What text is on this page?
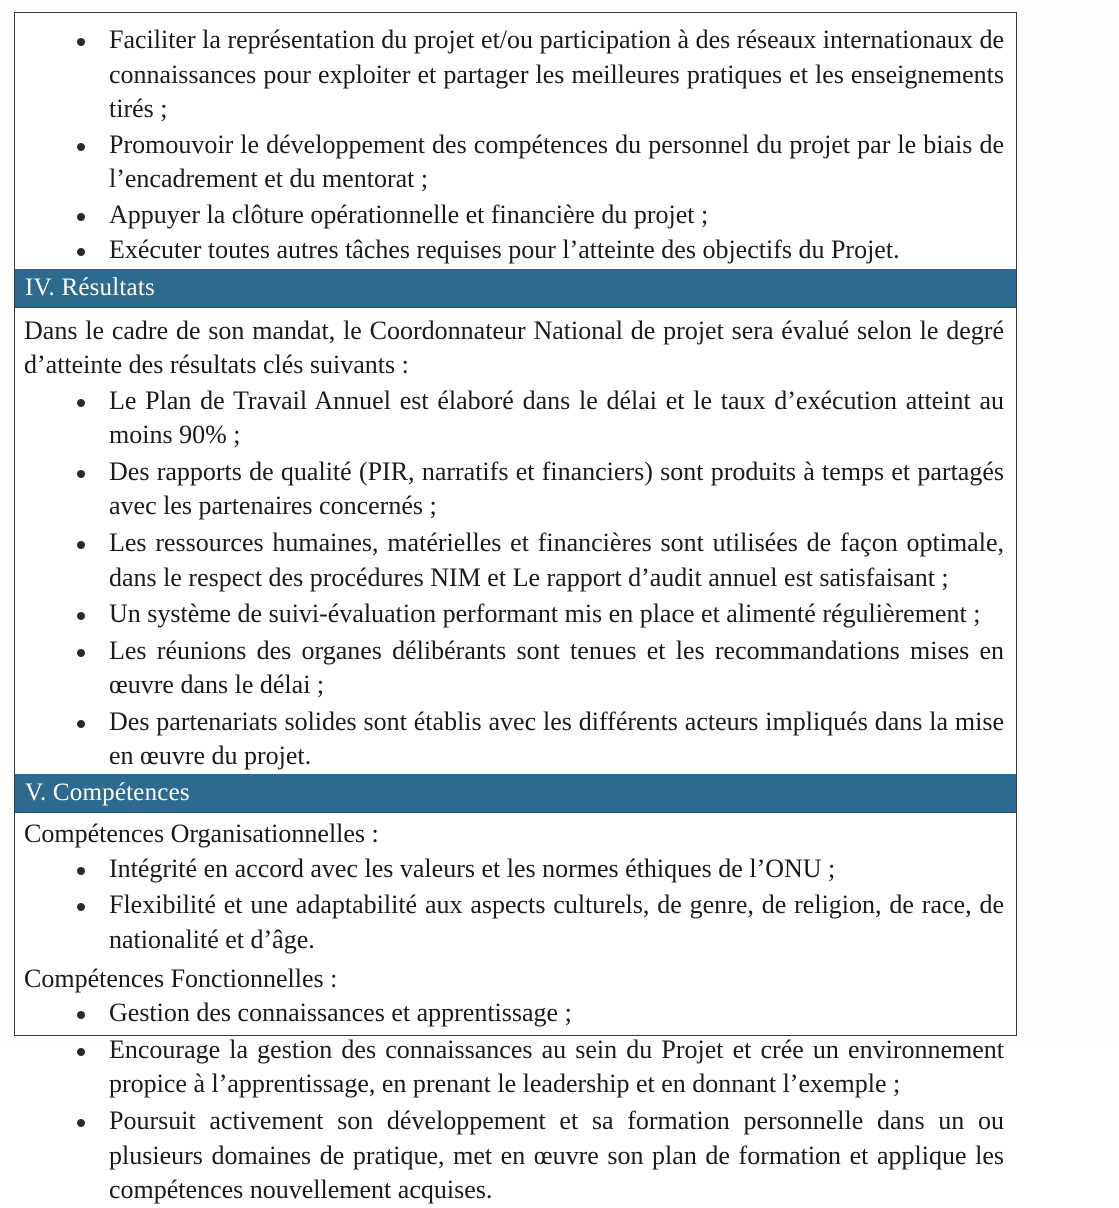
Faciliter la représentation du projet et/ou participation à des réseaux internationaux de connaissances pour exploiter et partager les meilleures pratiques et les enseignements tirés ;
Promouvoir le développement des compétences du personnel du projet par le biais de l’encadrement et du mentorat ;
Appuyer la clôture opérationnelle et financière du projet ;
Exécuter toutes autres tâches requises pour l’atteinte des objectifs du Projet.
IV. Résultats

Dans le cadre de son mandat, le Coordonnateur National de projet sera évalué selon le degré d’atteinte des résultats clés suivants :

Le Plan de Travail Annuel est élaboré dans le délai et le taux d’exécution atteint au moins 90% ;
Des rapports de qualité (PIR, narratifs et financiers) sont produits à temps et partagés avec les partenaires concernés ;
Les ressources humaines, matérielles et financières sont utilisées de façon optimale, dans le respect des procédures NIM et Le rapport d’audit annuel est satisfaisant ;
Un système de suivi-évaluation performant mis en place et alimenté régulièrement ;
Les réunions des organes délibérants sont tenues et les recommandations mises en œuvre dans le délai ;
Des partenariats solides sont établis avec les différents acteurs impliqués dans la mise en œuvre du projet.
V. Compétences

Compétences Organisationnelles :

Intégrité en accord avec les valeurs et les normes éthiques de l’ONU ;
Flexibilité et une adaptabilité aux aspects culturels, de genre, de religion, de race, de nationalité et d’âge.

Compétences Fonctionnelles :

Gestion des connaissances et apprentissage ;
Encourage la gestion des connaissances au sein du Projet et crée un environnement propice à l’apprentissage, en prenant le leadership et en donnant l’exemple ;
Poursuit activement son développement et sa formation personnelle dans un ou plusieurs domaines de pratique, met en œuvre son plan de formation et applique les compétences nouvellement acquises.
